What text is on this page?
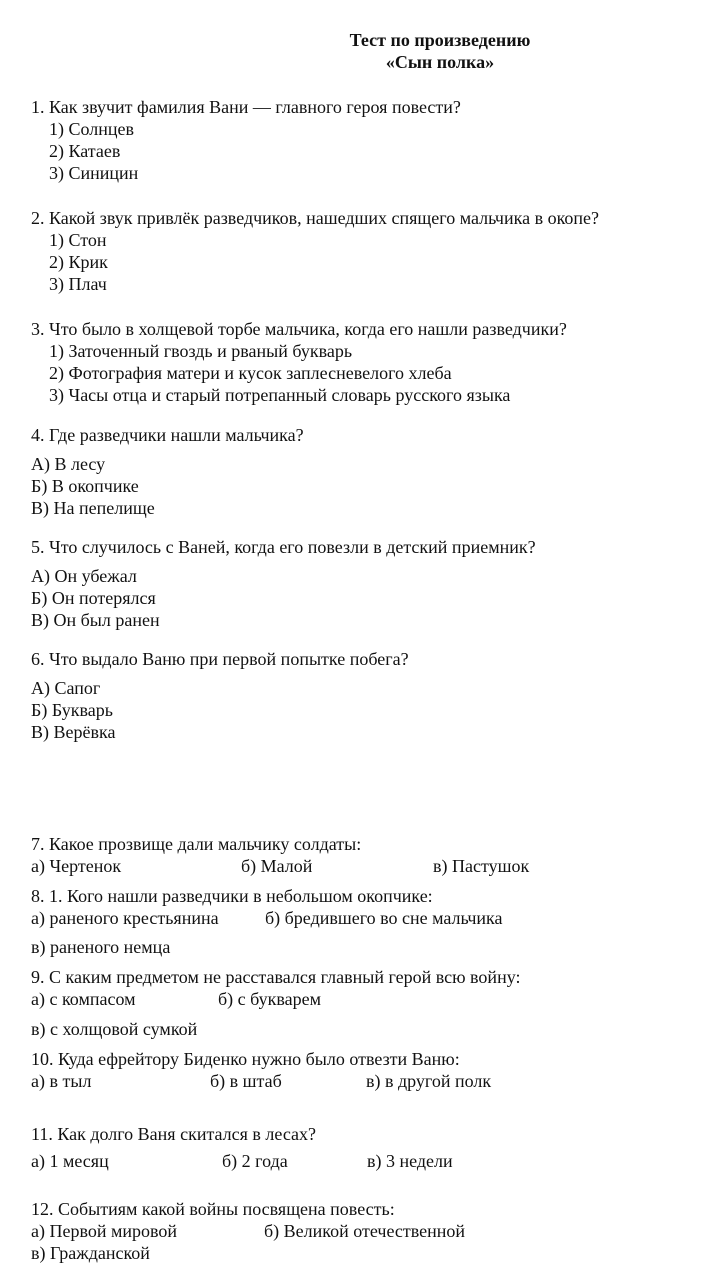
Тест по произведению
«Сын полка»
1. Как звучит фамилия Вани — главного героя повести?
1) Солнцев
2) Катаев
3) Синицин
2. Какой звук привлёк разведчиков, нашедших спящего мальчика в окопе?
1) Стон
2) Крик
3) Плач
3. Что было в холщевой торбе мальчика, когда его нашли разведчики?
1) Заточенный гвоздь и рваный букварь
2) Фотография матери и кусок заплесневелого хлеба
3) Часы отца и старый потрепанный словарь русского языка
4. Где разведчики нашли мальчика?
А) В лесу
Б) В окопчике
В) На пепелище
5. Что случилось с Ваней, когда его повезли в детский приемник?
А) Он убежал
Б) Он потерялся
В) Он был ранен
6. Что выдало Ваню при первой попытке побега?
А) Сапог
Б) Букварь
В) Верёвка
7. Какое прозвище дали мальчику солдаты:
а) Чертенок	б) Малой	в) Пастушок
8. 1. Кого нашли разведчики в небольшом окопчике:
а) раненого крестьянина	б) бредившего во сне мальчика
в) раненого немца
9. С каким предметом не расставался главный герой всю войну:
а) с компасом	б) с букварем
в) с холщовой сумкой
10. Куда ефрейтору Биденко нужно было отвезти Ваню:
а) в тыл	б) в штаб	в) в другой полк
11. Как долго Ваня скитался в лесах?
а) 1 месяц	б) 2 года	в) 3 недели
12. Событиям какой войны посвящена повесть:
а) Первой мировой	б) Великой отечественной
в) Гражданской
